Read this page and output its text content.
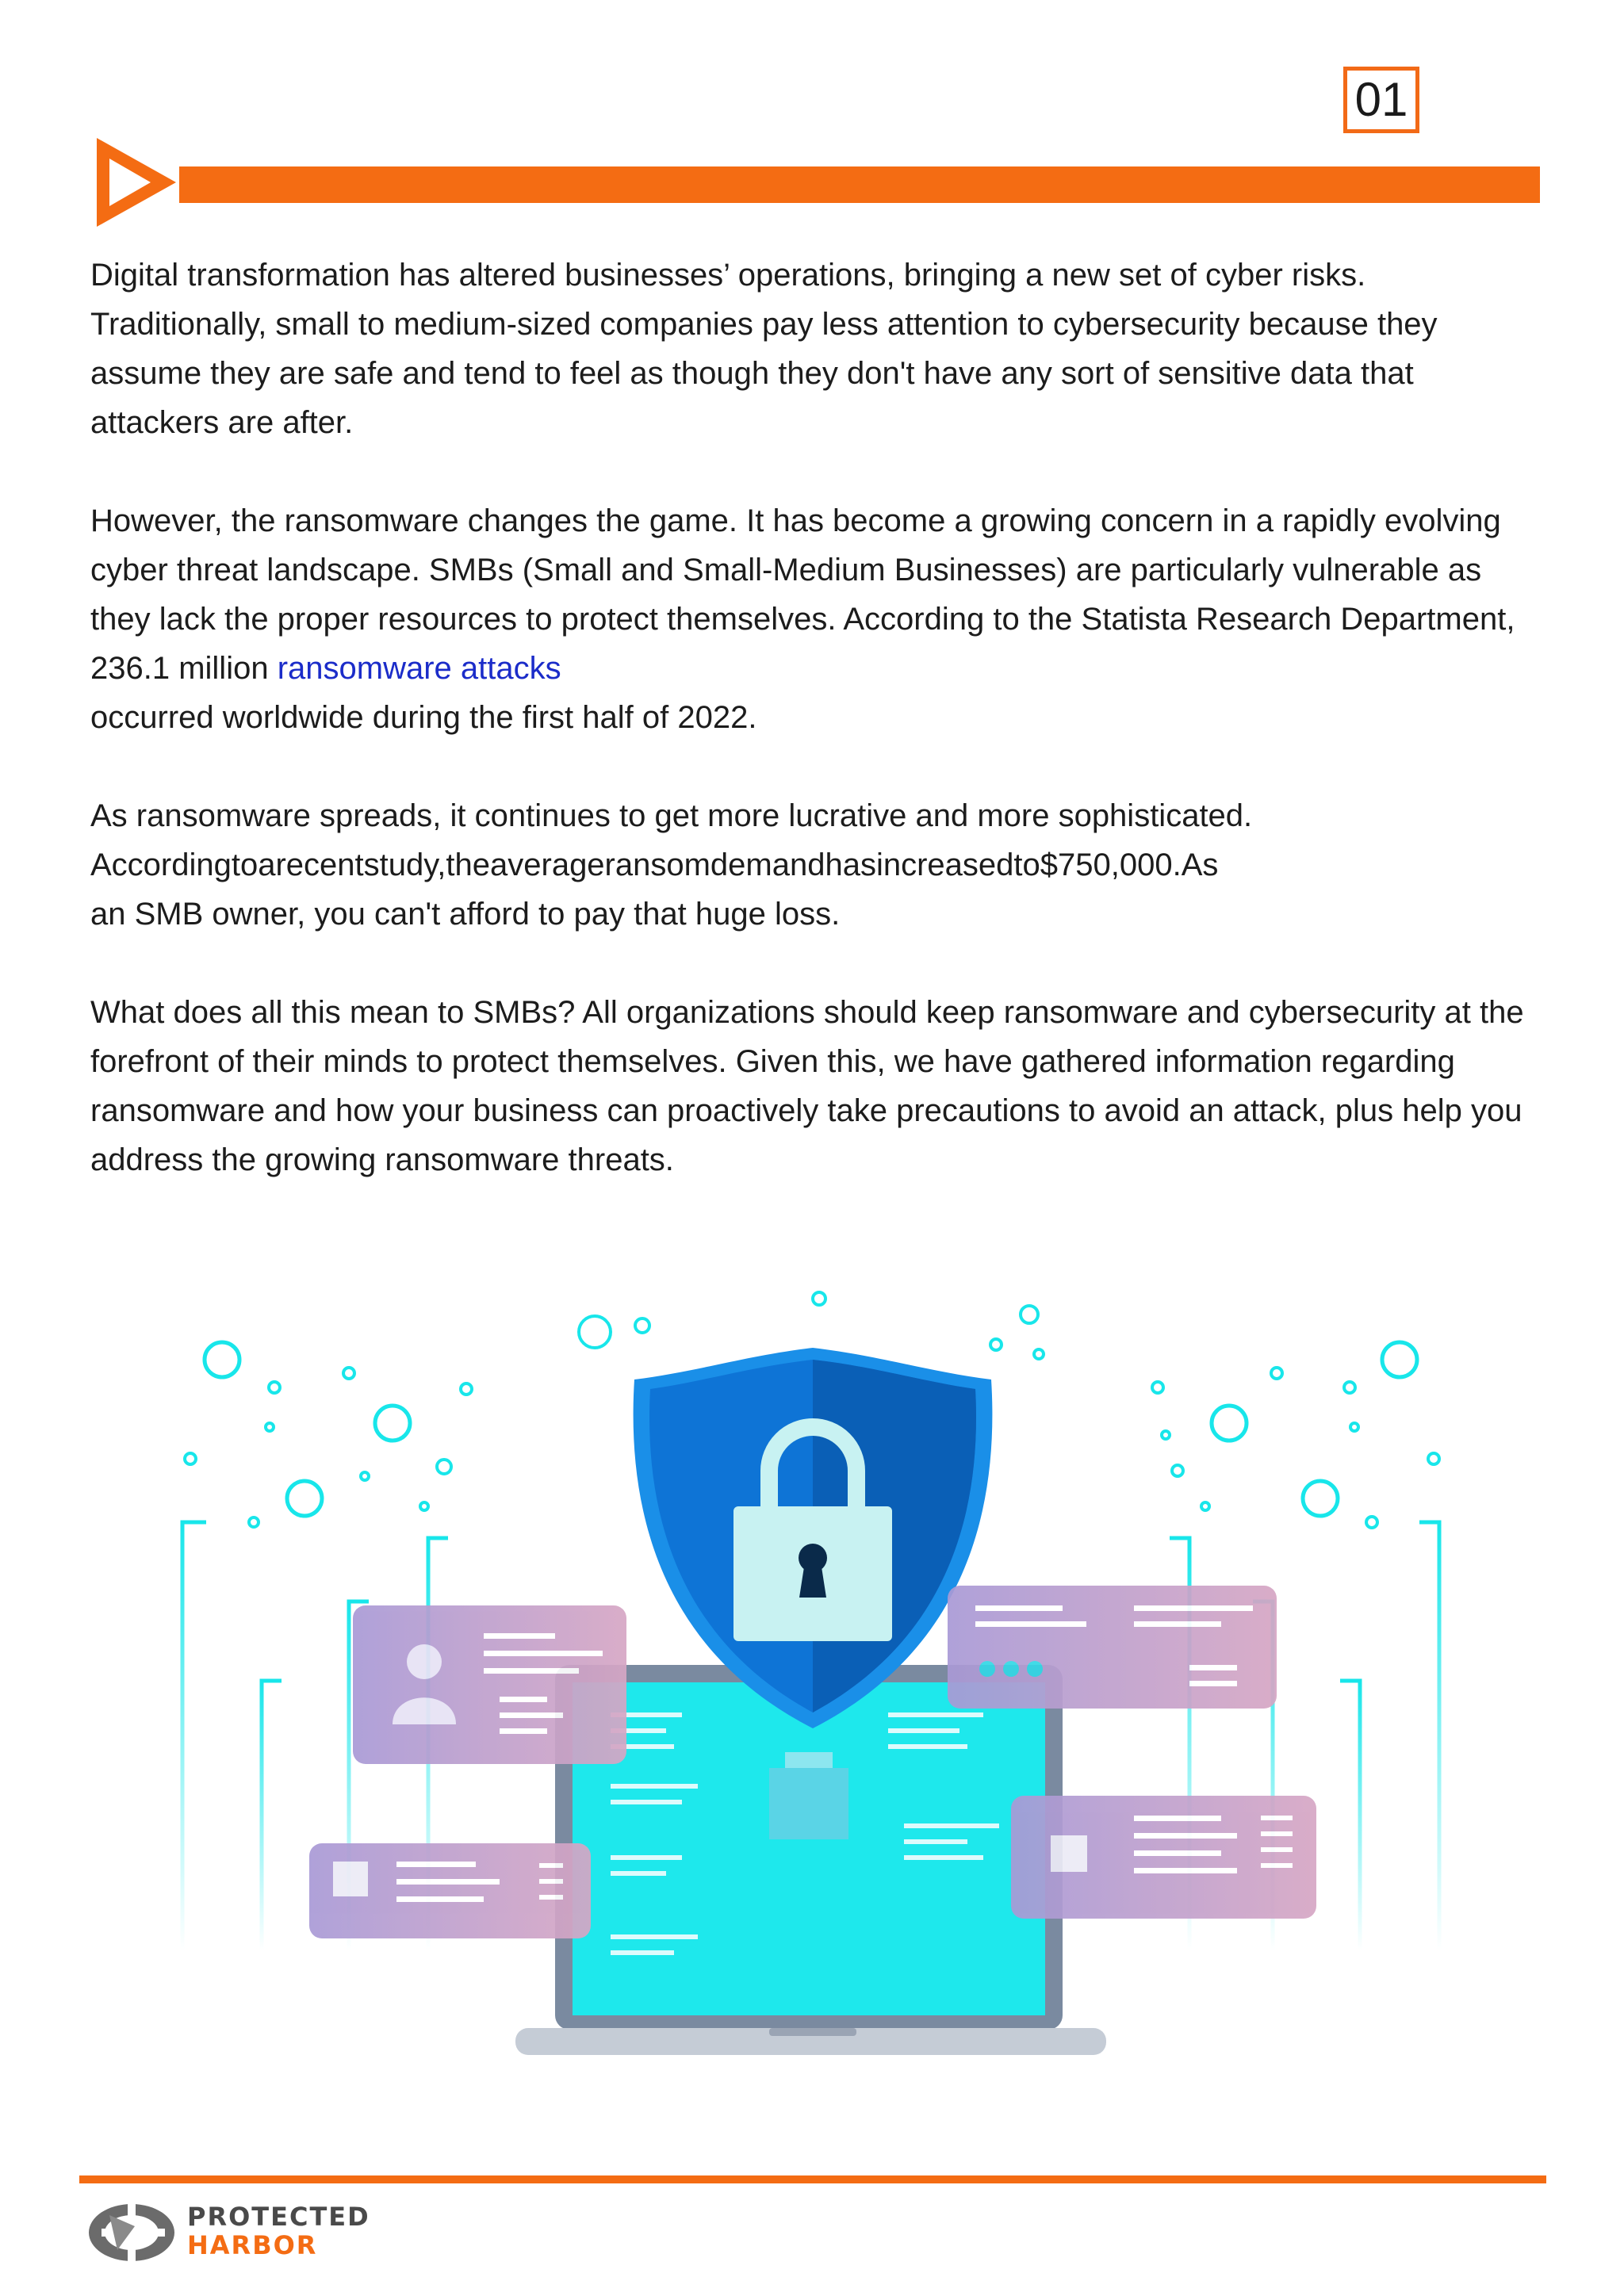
01

Digital transformation has altered businesses’ operations, bringing a new set of cyber risks. Traditionally, small to medium-sized companies pay less attention to cybersecurity because they assume they are safe and tend to feel as though they don't have any sort of sensitive data that attackers are after.

However, the ransomware changes the game. It has become a growing concern in a rapidly evolving cyber threat landscape. SMBs (Small and Small-Medium Businesses) are particularly vulnerable as they lack the proper resources to protect themselves. According to the Statista Research Department, 236.1 million ransomware attacks
occurred worldwide during the first half of 2022.

As ransomware spreads, it continues to get more lucrative and more sophisticated.
Accordingtoarecentstudy,theaverageransomdemandhasincreasedto$750,000.As
an SMB owner, you can't afford to pay that huge loss.

What does all this mean to SMBs? All organizations should keep ransomware and cybersecurity at the forefront of their minds to protect themselves. Given this, we have gathered information regarding ransomware and how your business can proactively take precautions to avoid an attack, plus help you address the growing ransomware threats.

PROTECTED
HARBOR
